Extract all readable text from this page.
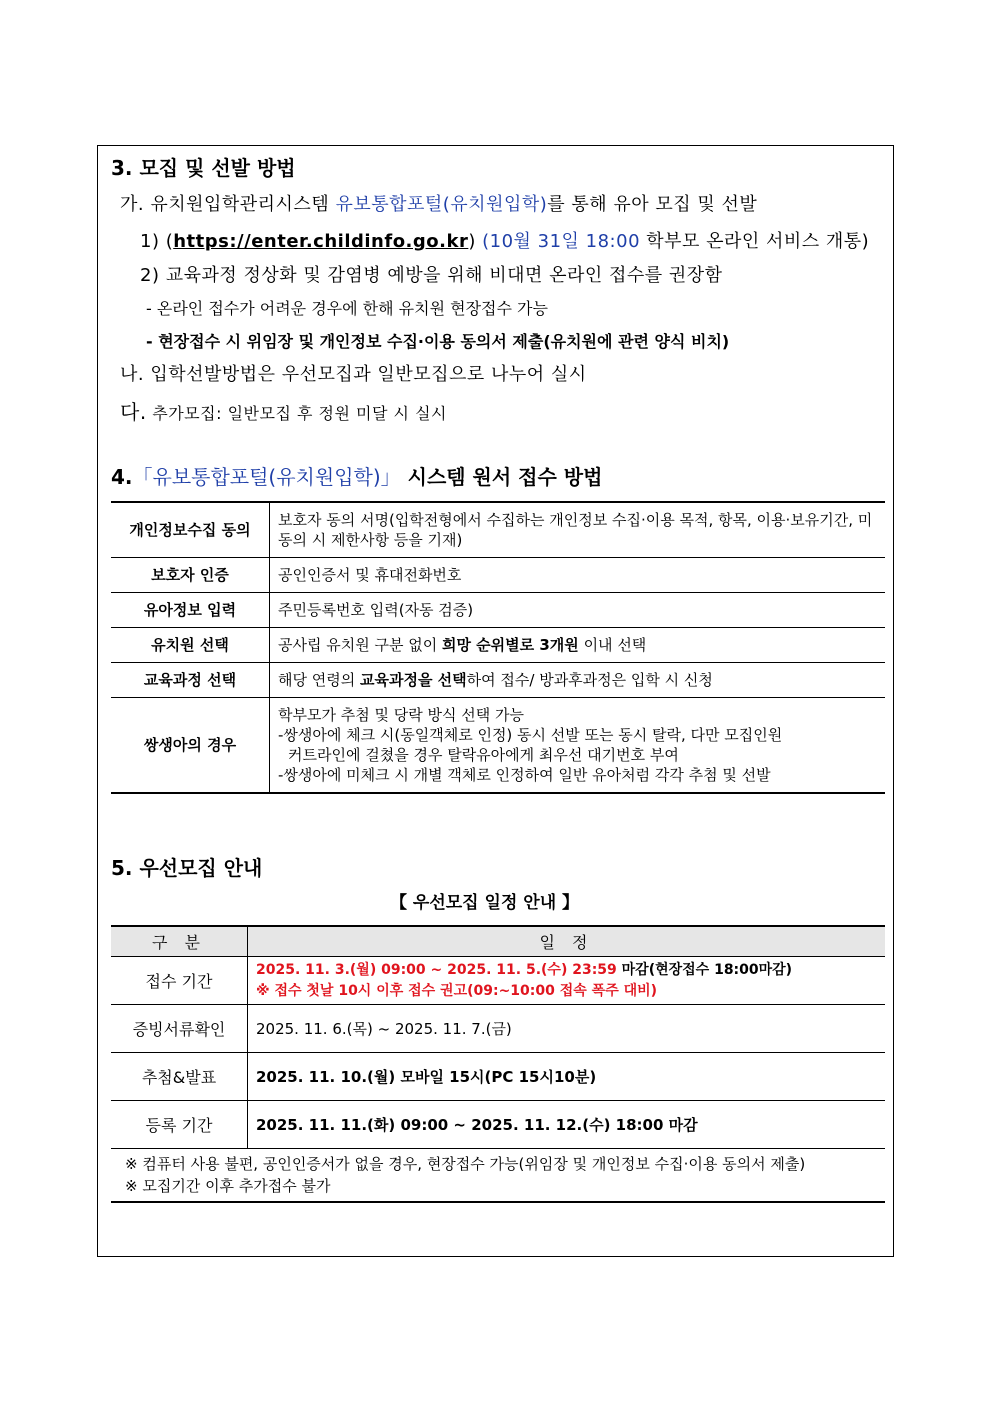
3. 모집 및 선발 방법
가. 유치원입학관리시스템 유보통합포털(유치원입학)를 통해 유아 모집 및 선발
1) (https://enter.childinfo.go.kr) (10월 31일 18:00 학부모 온라인 서비스 개통)
2) 교육과정 정상화 및 감염병 예방을 위해 비대면 온라인 접수를 권장함
- 온라인 접수가 어려운 경우에 한해 유치원 현장접수 가능
- 현장접수 시 위임장 및 개인정보 수집·이용 동의서 제출(유치원에 관련 양식 비치)
나. 입학선발방법은 우선모집과 일반모집으로 나누어 실시
다. 추가모집: 일반모집 후 정원 미달 시 실시
4.「유보통합포털(유치원입학)」 시스템 원서 접수 방법
개인정보수집 동의	보호자 동의 서명(입학전형에서 수집하는 개인정보 수집·이용 목적, 항목, 이용·보유기간, 미동의 시 제한사항 등을 기재)
보호자 인증	공인인증서 및 휴대전화번호
유아정보 입력	주민등록번호 입력(자동 검증)
유치원 선택	공사립 유치원 구분 없이 희망 순위별로 3개원 이내 선택
교육과정 선택	해당 연령의 교육과정을 선택하여 접수/ 방과후과정은 입학 시 신청
쌍생아의 경우	학부모가 추첨 및 당락 방식 선택 가능
-쌍생아에 체크 시(동일객체로 인정) 동시 선발 또는 동시 탈락, 다만 모집인원
커트라인에 걸쳤을 경우 탈락유아에게 최우선 대기번호 부여
-쌍생아에 미체크 시 개별 객체로 인정하여 일반 유아처럼 각각 추첨 및 선발
5. 우선모집 안내
【 우선모집 일정 안내 】
구 분	일 정
접수 기간	2025. 11. 3.(월) 09:00 ~ 2025. 11. 5.(수) 23:59 마감(현장접수 18:00마감)
※ 접수 첫날 10시 이후 접수 권고(09:~10:00 접속 폭주 대비)

증빙서류확인	2025. 11. 6.(목) ~ 2025. 11. 7.(금)
추첨&발표	2025. 11. 10.(월) 모바일 15시(PC 15시10분)
등록 기간	2025. 11. 11.(화) 09:00 ~ 2025. 11. 12.(수) 18:00 마감

※ 컴퓨터 사용 불편, 공인인증서가 없을 경우, 현장접수 가능(위임장 및 개인정보 수집·이용 동의서 제출)
※ 모집기간 이후 추가접수 불가	
